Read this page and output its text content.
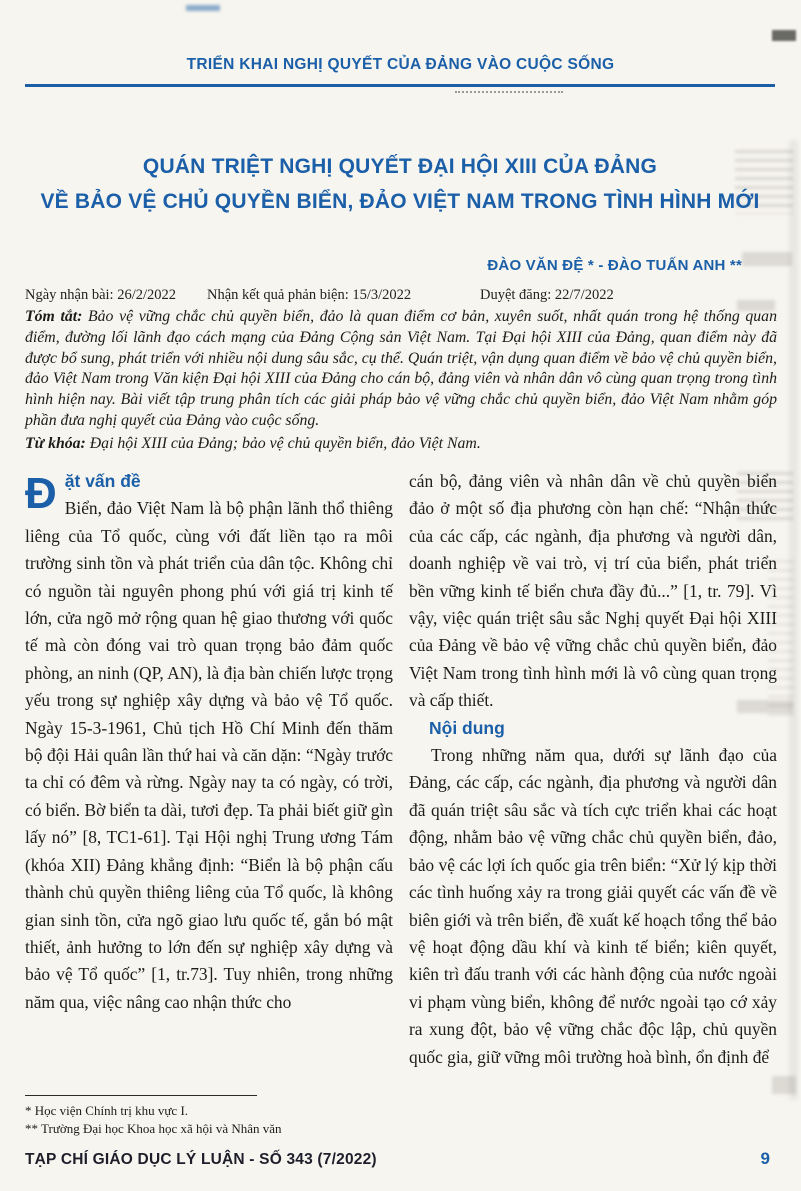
TRIỂN KHAI NGHỊ QUYẾT CỦA ĐẢNG VÀO CUỘC SỐNG
QUÁN TRIỆT NGHỊ QUYẾT ĐẠI HỘI XIII CỦA ĐẢNG
VỀ BẢO VỆ CHỦ QUYỀN BIỂN, ĐẢO VIỆT NAM TRONG TÌNH HÌNH MỚI
ĐÀO VĂN ĐỆ * - ĐÀO TUẤN ANH **
Ngày nhận bài: 26/2/2022	Nhận kết quả phản biện: 15/3/2022	Duyệt đăng: 22/7/2022
Tóm tắt: Bảo vệ vững chắc chủ quyền biển, đảo là quan điểm cơ bản, xuyên suốt, nhất quán trong hệ thống quan điểm, đường lối lãnh đạo cách mạng của Đảng Cộng sản Việt Nam. Tại Đại hội XIII của Đảng, quan điểm này đã được bổ sung, phát triển với nhiều nội dung sâu sắc, cụ thể. Quán triệt, vận dụng quan điểm về bảo vệ chủ quyền biển, đảo Việt Nam trong Văn kiện Đại hội XIII của Đảng cho cán bộ, đảng viên và nhân dân vô cùng quan trọng trong tình hình hiện nay. Bài viết tập trung phân tích các giải pháp bảo vệ vững chắc chủ quyền biển, đảo Việt Nam nhằm góp phần đưa nghị quyết của Đảng vào cuộc sống.
Từ khóa: Đại hội XIII của Đảng; bảo vệ chủ quyền biển, đảo Việt Nam.
Đ ặt vấn đề

Biển, đảo Việt Nam là bộ phận lãnh thổ thiêng liêng của Tổ quốc, cùng với đất liền tạo ra môi trường sinh tồn và phát triển của dân tộc. Không chỉ có nguồn tài nguyên phong phú với giá trị kinh tế lớn, cửa ngõ mở rộng quan hệ giao thương với quốc tế mà còn đóng vai trò quan trọng bảo đảm quốc phòng, an ninh (QP, AN), là địa bàn chiến lược trọng yếu trong sự nghiệp xây dựng và bảo vệ Tổ quốc. Ngày 15-3-1961, Chủ tịch Hồ Chí Minh đến thăm bộ đội Hải quân lần thứ hai và căn dặn: “Ngày trước ta chỉ có đêm và rừng. Ngày nay ta có ngày, có trời, có biển. Bờ biển ta dài, tươi đẹp. Ta phải biết giữ gìn lấy nó” [8, TC1-61]. Tại Hội nghị Trung ương Tám (khóa XII) Đảng khẳng định: “Biển là bộ phận cấu thành chủ quyền thiêng liêng của Tổ quốc, là không gian sinh tồn, cửa ngõ giao lưu quốc tế, gắn bó mật thiết, ảnh hưởng to lớn đến sự nghiệp xây dựng và bảo vệ Tổ quốc” [1, tr.73]. Tuy nhiên, trong những năm qua, việc nâng cao nhận thức cho

cán bộ, đảng viên và nhân dân về chủ quyền biển đảo ở một số địa phương còn hạn chế: “Nhận thức của các cấp, các ngành, địa phương và người dân, doanh nghiệp về vai trò, vị trí của biển, phát triển bền vững kinh tế biển chưa đầy đủ...” [1, tr. 79]. Vì vậy, việc quán triệt sâu sắc Nghị quyết Đại hội XIII của Đảng về bảo vệ vững chắc chủ quyền biển, đảo Việt Nam trong tình hình mới là vô cùng quan trọng và cấp thiết.

Nội dung

Trong những năm qua, dưới sự lãnh đạo của Đảng, các cấp, các ngành, địa phương và người dân đã quán triệt sâu sắc và tích cực triển khai các hoạt động, nhằm bảo vệ vững chắc chủ quyền biển, đảo, bảo vệ các lợi ích quốc gia trên biển: “Xử lý kịp thời các tình huống xảy ra trong giải quyết các vấn đề về biên giới và trên biển, đề xuất kế hoạch tổng thể bảo vệ hoạt động dầu khí và kinh tế biển; kiên quyết, kiên trì đấu tranh với các hành động của nước ngoài vi phạm vùng biển, không để nước ngoài tạo cớ xảy ra xung đột, bảo vệ vững chắc độc lập, chủ quyền quốc gia, giữ vững môi trường hoà bình, ổn định để

* Học viện Chính trị khu vực I.
** Trường Đại học Khoa học xã hội và Nhân văn
TẠP CHÍ GIÁO DỤC LÝ LUẬN - SỐ 343 (7/2022)	9
